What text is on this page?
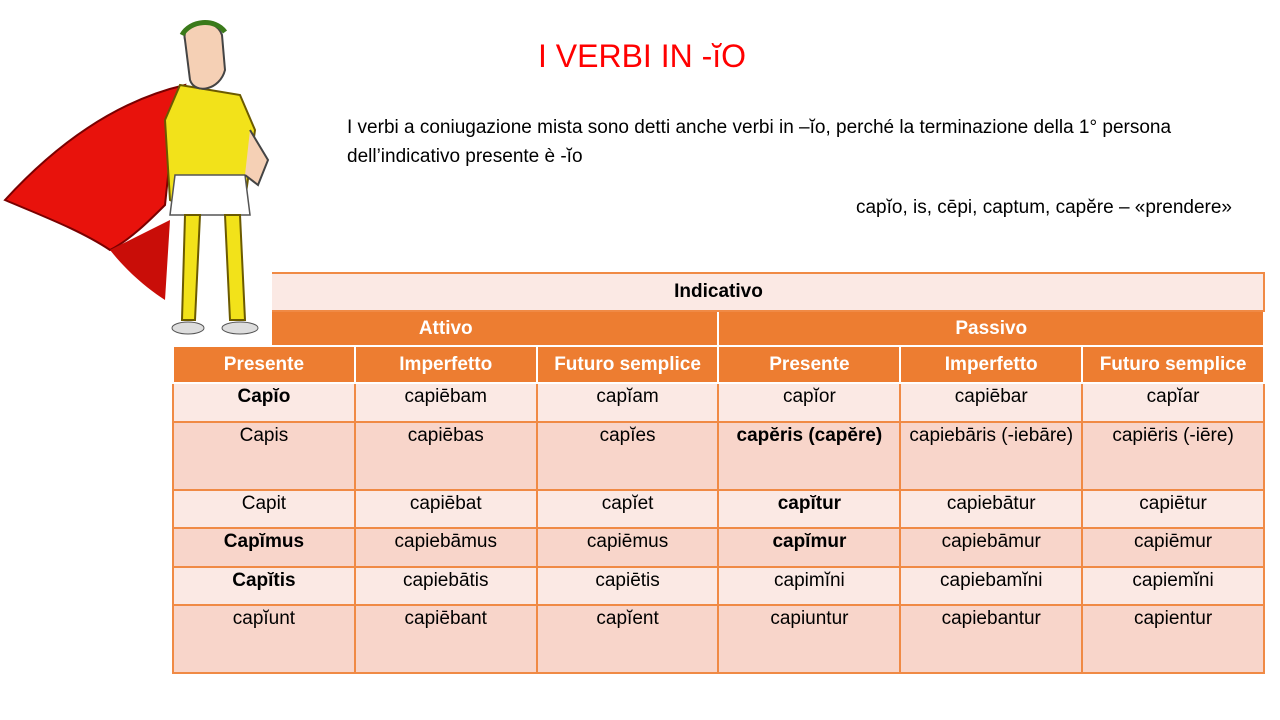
I VERBI IN -ĭO
I verbi a coniugazione mista sono detti anche verbi in –ĭo, perché la terminazione della 1° persona dell’indicativo presente è -ĭo
capĭo, is, cēpi, captum, capĕre – «prendere»
Indicativo					
Attivo			Passivo		
Presente	Imperfetto	Futuro semplice	Presente	Imperfetto	Futuro semplice
Capĭo	capiēbam	capĭam	capĭor	capiēbar	capĭar
Capis	capiēbas	capĭes	capĕris (capĕre)	capiebāris (-iebāre)	capiēris (-iēre)
Capit	capiēbat	capĭet	capĭtur	capiebātur	capiētur
Capĭmus	capiebāmus	capiēmus	capĭmur	capiebāmur	capiēmur
Capĭtis	capiebātis	capiētis	capimĭni	capiebamĭni	capiemĭni
capĭunt	capiēbant	capĭent	capiuntur	capiebantur	capientur
